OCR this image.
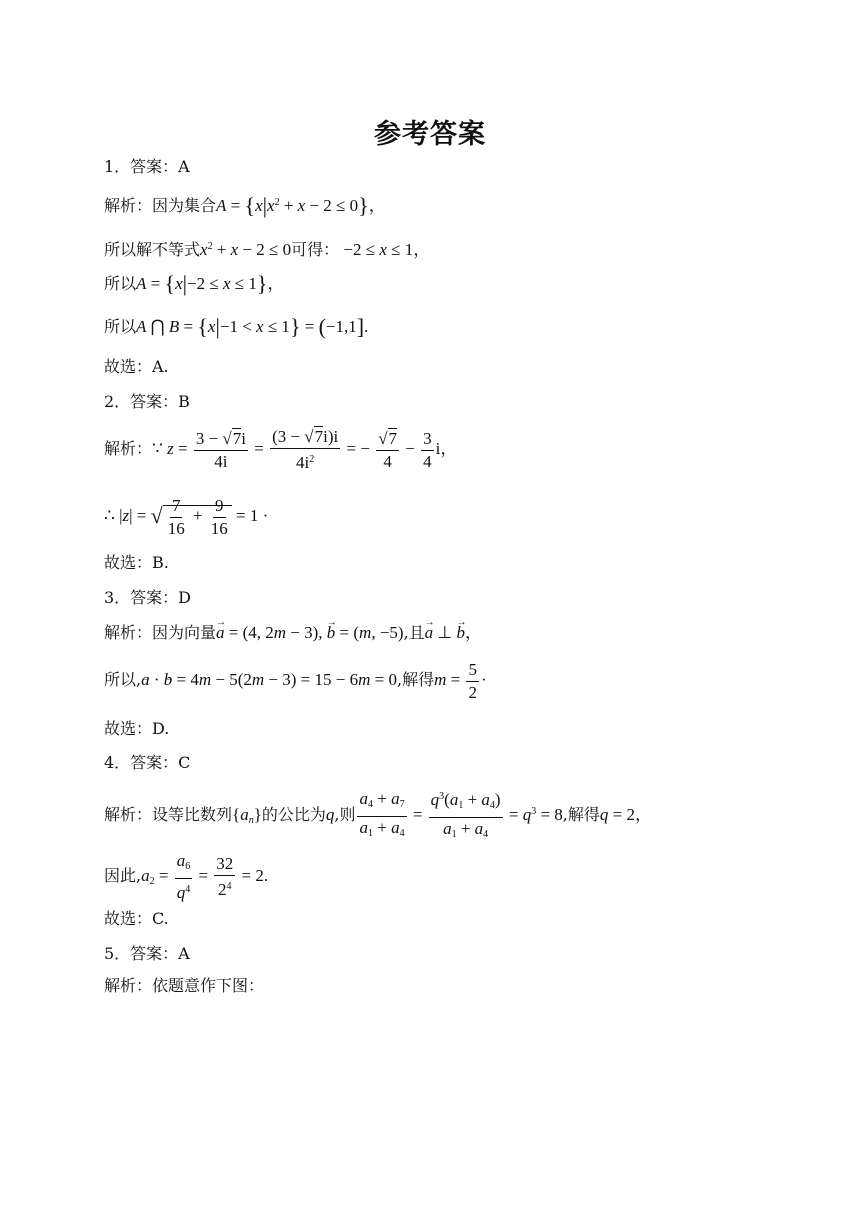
参考答案
1．答案：A
解析：因为集合$A = \{x|x^2 + x - 2 \le 0\}$，
所以解不等式$x^2 + x - 2 \le 0$可得： −2 ≤ x ≤ 1，
所以A = {x|−2 ≤ x ≤ 1}，
所以A ⋂ B = {x|−1 < x ≤ 1} = (−1,1].
故选：A.
2．答案：B
解析：∵ $z = \frac{3 - √7i}{4i} = \frac{(3 - √7i)i}{4i^2}$ = − $\frac{√7}{4} - \frac{3}{4}$ i，
∴ |z| = √ $\frac{7}{16} + \frac{9}{16} = 1$ ·
故选：B.
3．答案：D
解析：因为向量→ a = (4, 2m − 3), → b = (m, −5),且→ a ⊥ → b，
所以,→ a · → b = 4m − 5(2m − 3) = 15 − 6m = 0,解得$m = \frac{5}{2}$ ·
故选：D.
4．答案：C
解析：设等比数列$\{a_n\}$的公比为q,则 $\frac{a_4 + a_7}{a_1 + a_4} = \frac{q^3(a_1 + a_4)}{a_1 + a_4} = q^3 = 8$,解得q = 2，
因此$,a_2 = \frac{a_6}{q^4} = \frac{32}{2^4} = 2$.
故选：C.
5．答案：A
解析：依题意作下图：
